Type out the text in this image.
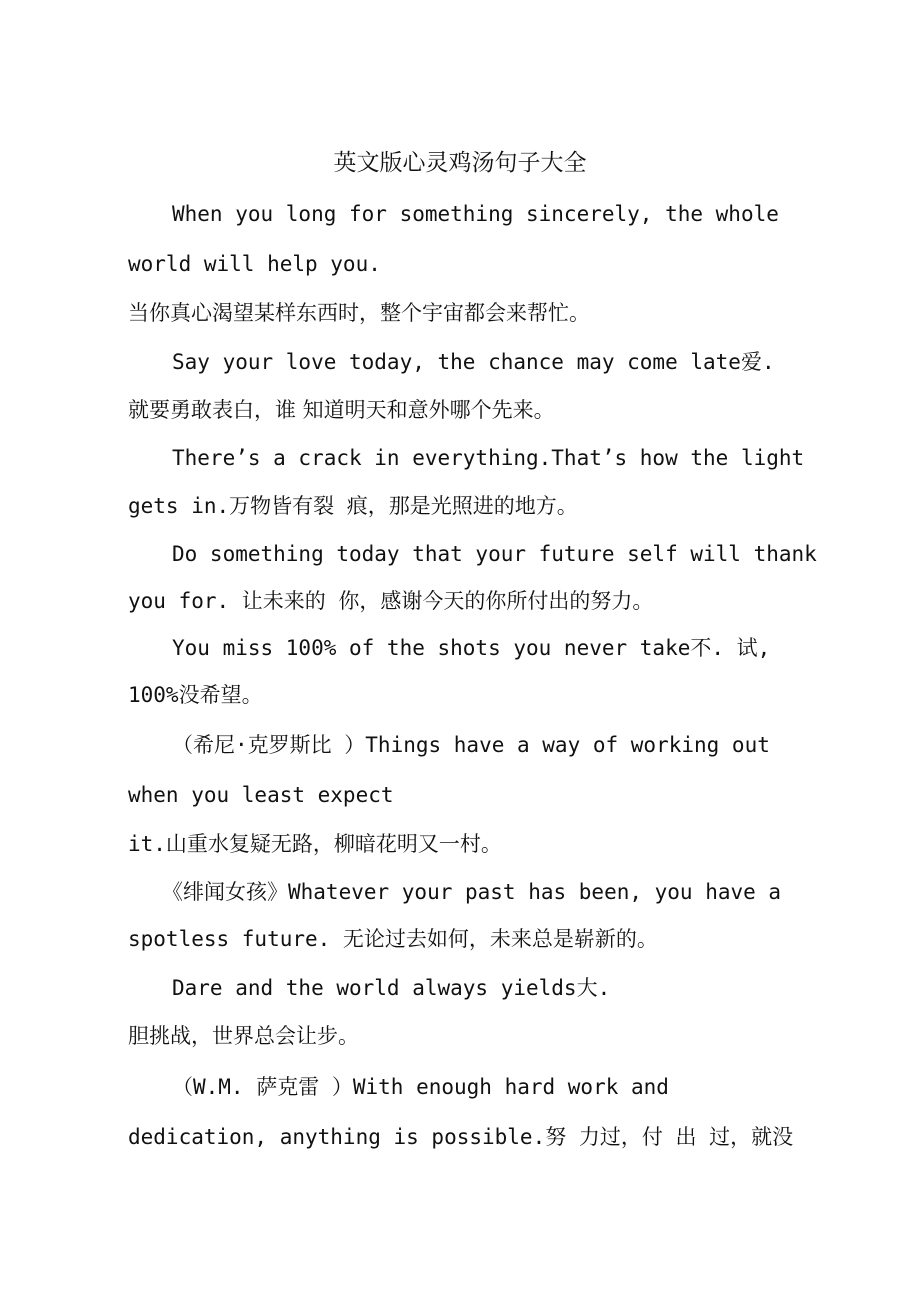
英文版心灵鸡汤句子大全
When you long for something sincerely, the whole
world will help you.
当你真心渴望某样东西时，整个宇宙都会来帮忙。
Say your love today, the chance may come late爱.
就要勇敢表白，谁 知道明天和意外哪个先来。
There’s a crack in everything.That’s how the light
gets in.万物皆有裂 痕，那是光照进的地方。
Do something today that your future self will thank
you for. 让未来的 你，感谢今天的你所付出的努力。
You miss 100% of the shots you never take不. 试,
100%没希望。
（希尼·克罗斯比 ）Things have a way of working out
when you least expect
it.山重水复疑无路，柳暗花明又一村。
《绯闻女孩》Whatever your past has been, you have a
spotless future. 无论过去如何，未来总是崭新的。
Dare and the world always yields大.
胆挑战，世界总会让步。
（W.M. 萨克雷 ）With enough hard work and
dedication, anything is possible.努 力过，付 出 过，就没
